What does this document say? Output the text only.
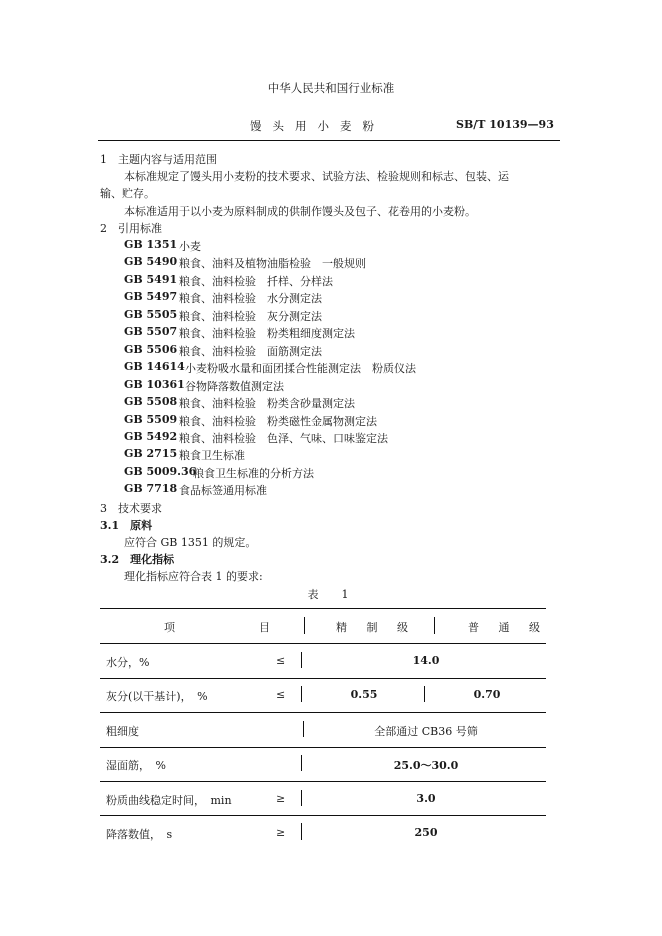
中华人民共和国行业标准
馒头用小麦粉	SB/T 10139—93
1　主题内容与适用范围
本标准规定了馒头用小麦粉的技术要求、试验方法、检验规则和标志、包装、运
输、贮存。
本标准适用于以小麦为原料制成的供制作馒头及包子、花卷用的小麦粉。
2　引用标准
GB 1351 小麦
GB 5490 粮食、油料及植物油脂检验　一般规则
GB 5491 粮食、油料检验　扦样、分样法
GB 5497 粮食、油料检验　水分测定法
GB 5505 粮食、油料检验　灰分测定法
GB 5507 粮食、油料检验　粉类粗细度测定法
GB 5506 粮食、油料检验　面筋测定法
GB 14614 小麦粉吸水量和面团揉合性能测定法　粉质仪法
GB 10361 谷物降落数值测定法
GB 5508 粮食、油料检验　粉类含砂量测定法
GB 5509 粮食、油料检验　粉类磁性金属物测定法
GB 5492 粮食、油料检验　色泽、气味、口味鉴定法
GB 2715 粮食卫生标准
GB 5009.36
粮食卫生标准的分析方法
GB 7718 食品标签通用标准
3　技术要求
3.1　原料
应符合 GB 1351 的规定。
3.2　理化指标
理化指标应符合表 1 的要求:
表　1
项　　　　目	精 制 级	普 通 级
水分，%	≤	14.0
灰分(以干基计)，　%	≤	0.55	0.70
粗细度	全部通过 CB36 号筛
湿面筋，　%	25.0～30.0
粉质曲线稳定时间，　min	≥	3.0
降落数值，　s	≥	250
